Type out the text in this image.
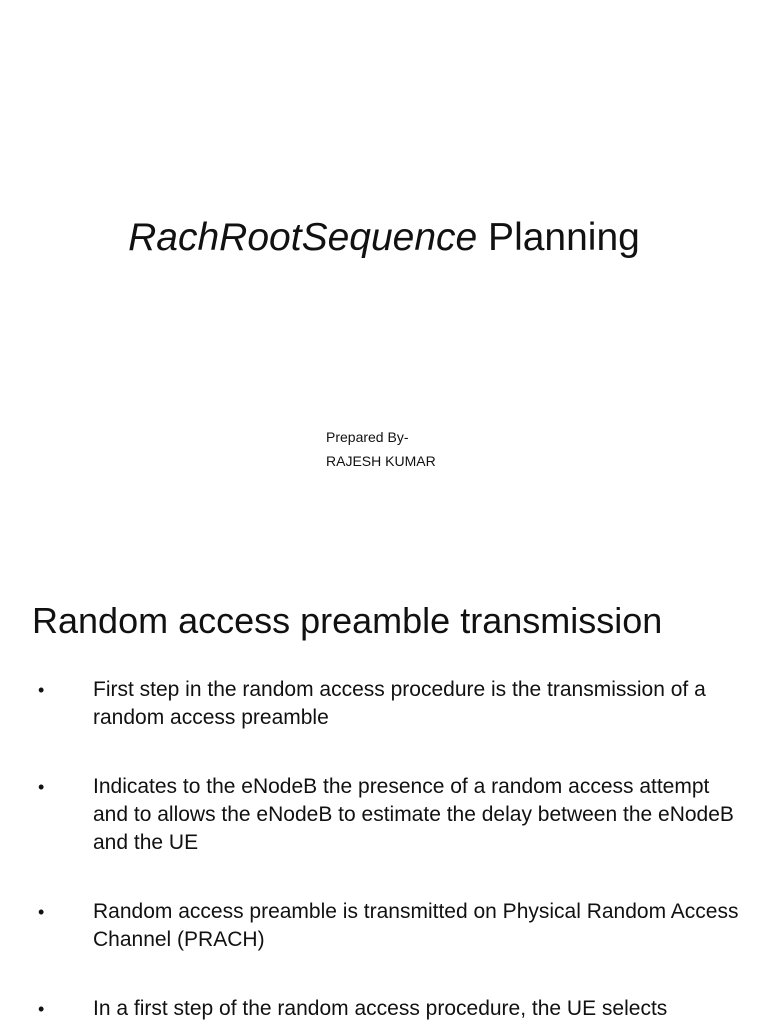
RachRootSequence Planning
Prepared By-
RAJESH KUMAR
Random access preamble transmission
•	First step in the random access procedure is the transmission of a random access preamble
•	Indicates to the eNodeB the presence of a random access attempt and to allows the eNodeB to estimate the delay between the eNodeB and the UE
•	Random access preamble is transmitted on Physical Random Access Channel (PRACH)
•	In a first step of the random access procedure, the UE selects
